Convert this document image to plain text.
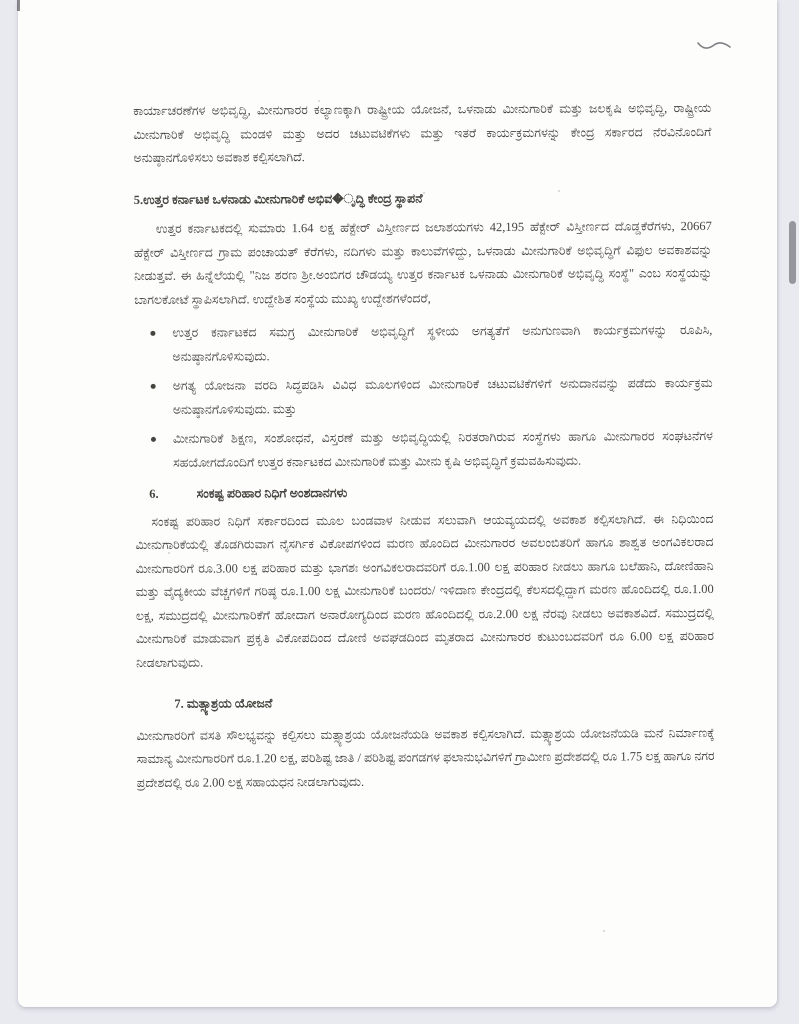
ಕಾರ್ಯಾಚರಣೆಗಳ ಅಭಿವೃದ್ಧಿ, ಮೀನುಗಾರರ ಕಲ್ಯಾಣಕ್ಕಾಗಿ ರಾಷ್ಟ್ರೀಯ ಯೋಜನೆ, ಒಳನಾಡು ಮೀನುಗಾರಿಕೆ ಮತ್ತು ಜಲಕೃಷಿ ಅಭಿವೃದ್ಧಿ, ರಾಷ್ಟ್ರೀಯ ಮೀನುಗಾರಿಕೆ ಅಭಿವೃದ್ಧಿ ಮಂಡಳಿ ಮತ್ತು ಅದರ ಚಟುವಟಿಕೆಗಳು ಮತ್ತು ಇತರೆ ಕಾರ್ಯಕ್ರಮಗಳನ್ನು ಕೇಂದ್ರ ಸರ್ಕಾರದ ನೆರವಿನೊಂದಿಗೆ ಅನುಷ್ಠಾನಗೊಳಿಸಲು ಅವಕಾಶ ಕಲ್ಪಿಸಲಾಗಿದೆ.

5.ಉತ್ತರ ಕರ್ನಾಟಕ ಒಳನಾಡು ಮೀನುಗಾರಿಕೆ ಅಭಿವ�ೃದ್ಧಿ ಕೇಂದ್ರ ಸ್ಥಾಪನೆ

ಉತ್ತರ ಕರ್ನಾಟಕದಲ್ಲಿ ಸುಮಾರು 1.64 ಲಕ್ಷ ಹೆಕ್ಟೇರ್ ವಿಸ್ತೀರ್ಣದ ಜಲಾಶಯಗಳು 42,195 ಹೆಕ್ಟೇರ್ ವಿಸ್ತೀರ್ಣದ ದೊಡ್ಡಕೆರೆಗಳು, 20667 ಹೆಕ್ಟೇರ್ ವಿಸ್ತೀರ್ಣದ ಗ್ರಾಮ ಪಂಚಾಯತ್ ಕೆರೆಗಳು, ನದಿಗಳು ಮತ್ತು ಕಾಲುವೆಗಳಿದ್ದು, ಒಳನಾಡು ಮೀನುಗಾರಿಕೆ ಅಭಿವೃದ್ಧಿಗೆ ವಿಫುಲ ಅವಕಾಶವನ್ನು ನೀಡುತ್ತವೆ. ಈ ಹಿನ್ನೆಲೆಯಲ್ಲಿ "ನಿಜ ಶರಣ ಶ್ರೀ.ಅಂಬಿಗರ ಚೌಡಯ್ಯ ಉತ್ತರ ಕರ್ನಾಟಕ ಒಳನಾಡು ಮೀನುಗಾರಿಕೆ ಅಭಿವೃದ್ಧಿ ಸಂಸ್ಥೆ" ಎಂಬ ಸಂಸ್ಥೆಯನ್ನು ಬಾಗಲಕೋಟೆ ಸ್ಥಾಪಿಸಲಾಗಿದೆ. ಉದ್ದೇಶಿತ ಸಂಸ್ಥೆಯ ಮುಖ್ಯ ಉದ್ದೇಶಗಳೆಂದರೆ,

ಉತ್ತರ ಕರ್ನಾಟಕದ ಸಮಗ್ರ ಮೀನುಗಾರಿಕೆ ಅಭಿವೃದ್ಧಿಗೆ ಸ್ಥಳೀಯ ಅಗತ್ಯತೆಗೆ ಅನುಗುಣವಾಗಿ ಕಾರ್ಯಕ್ರಮಗಳನ್ನು ರೂಪಿಸಿ, ಅನುಷ್ಠಾನಗೊಳಿಸುವುದು.
ಅಗತ್ಯ ಯೋಜನಾ ವರದಿ ಸಿದ್ಧಪಡಿಸಿ ವಿವಿಧ ಮೂಲಗಳಿಂದ ಮೀನುಗಾರಿಕೆ ಚಟುವಟಿಕೆಗಳಿಗೆ ಅನುದಾನವನ್ನು ಪಡೆದು ಕಾರ್ಯಕ್ರಮ ಅನುಷ್ಠಾನಗೊಳಿಸುವುದು. ಮತ್ತು
ಮೀನುಗಾರಿಕೆ ಶಿಕ್ಷಣ, ಸಂಶೋಧನೆ, ವಿಸ್ತರಣೆ ಮತ್ತು ಅಭಿವೃದ್ಧಿಯಲ್ಲಿ ನಿರತರಾಗಿರುವ ಸಂಸ್ಥೆಗಳು ಹಾಗೂ ಮೀನುಗಾರರ ಸಂಘಟನೆಗಳ ಸಹಯೋಗದೊಂದಿಗೆ ಉತ್ತರ ಕರ್ನಾಟಕದ ಮೀನುಗಾರಿಕೆ ಮತ್ತು ಮೀನು ಕೃಷಿ ಅಭಿವೃದ್ಧಿಗೆ ಕ್ರಮವಹಿಸುವುದು.

6.	ಸಂಕಷ್ಟ ಪರಿಹಾರ ನಿಧಿಗೆ ಅಂಶದಾನಗಳು

ಸಂಕಷ್ಟ ಪರಿಹಾರ ನಿಧಿಗೆ ಸರ್ಕಾರದಿಂದ ಮೂಲ ಬಂಡವಾಳ ನೀಡುವ ಸಲುವಾಗಿ ಆಯವ್ಯಯದಲ್ಲಿ ಅವಕಾಶ ಕಲ್ಪಿಸಲಾಗಿದೆ. ಈ ನಿಧಿಯಿಂದ ಮೀನುಗಾರಿಕೆಯಲ್ಲಿ ತೊಡಗಿರುವಾಗ ನೈಸರ್ಗಿಕ ವಿಕೋಪಗಳಿಂದ ಮರಣ ಹೊಂದಿದ ಮೀನುಗಾರರ ಅವಲಂಬಿತರಿಗೆ ಹಾಗೂ ಶಾಶ್ವತ ಅಂಗವಿಕಲರಾದ ಮೀನುಗಾರರಿಗೆ ರೂ.3.00 ಲಕ್ಷ ಪರಿಹಾರ ಮತ್ತು ಭಾಗಶಃ ಅಂಗವಿಕಲರಾದವರಿಗೆ ರೂ.1.00 ಲಕ್ಷ ಪರಿಹಾರ ನೀಡಲು ಹಾಗೂ ಬಲೆಹಾನಿ, ದೋಣಿಹಾನಿ ಮತ್ತು ವೈದ್ಯಕೀಯ ವೆಚ್ಚಗಳಿಗೆ ಗರಿಷ್ಠ ರೂ.1.00 ಲಕ್ಷ ಮೀನುಗಾರಿಕೆ ಬಂದರು/ ಇಳಿದಾಣ ಕೇಂದ್ರದಲ್ಲಿ ಕೆಲಸದಲ್ಲಿದ್ದಾಗ ಮರಣ ಹೊಂದಿದಲ್ಲಿ ರೂ.1.00 ಲಕ್ಷ, ಸಮುದ್ರದಲ್ಲಿ ಮೀನುಗಾರಿಕೆಗೆ ಹೋದಾಗ ಅನಾರೋಗ್ಯದಿಂದ ಮರಣ ಹೊಂದಿದಲ್ಲಿ ರೂ.2.00 ಲಕ್ಷ ನೆರವು ನೀಡಲು ಅವಕಾಶವಿದೆ. ಸಮುದ್ರದಲ್ಲಿ ಮೀನುಗಾರಿಕೆ ಮಾಡುವಾಗ ಪ್ರಕೃತಿ ವಿಕೋಪದಿಂದ ದೋಣಿ ಅವಘಡದಿಂದ ಮೃತರಾದ ಮೀನುಗಾರರ ಕುಟುಂಬದವರಿಗೆ ರೂ 6.00 ಲಕ್ಷ ಪರಿಹಾರ ನೀಡಲಾಗುವುದು.

7. ಮತ್ಸ್ಯಾಶ್ರಯ ಯೋಜನೆ

ಮೀನುಗಾರರಿಗೆ ವಸತಿ ಸೌಲಭ್ಯವನ್ನು ಕಲ್ಪಿಸಲು ಮತ್ಸ್ಯಾಶ್ರಯ ಯೋಜನೆಯಡಿ ಅವಕಾಶ ಕಲ್ಪಿಸಲಾಗಿದೆ. ಮತ್ಸ್ಯಾಶ್ರಯ ಯೋಜನೆಯಡಿ ಮನೆ ನಿರ್ಮಾಣಕ್ಕೆ ಸಾಮಾನ್ಯ ಮೀನುಗಾರರಿಗೆ ರೂ.1.20 ಲಕ್ಷ, ಪರಿಶಿಷ್ಟ ಜಾತಿ / ಪರಿಶಿಷ್ಟ ಪಂಗಡಗಳ ಫಲಾನುಭವಿಗಳಿಗೆ ಗ್ರಾಮೀಣ ಪ್ರದೇಶದಲ್ಲಿ ರೂ 1.75 ಲಕ್ಷ ಹಾಗೂ ನಗರ ಪ್ರದೇಶದಲ್ಲಿ ರೂ 2.00 ಲಕ್ಷ ಸಹಾಯಧನ ನೀಡಲಾಗುವುದು.
